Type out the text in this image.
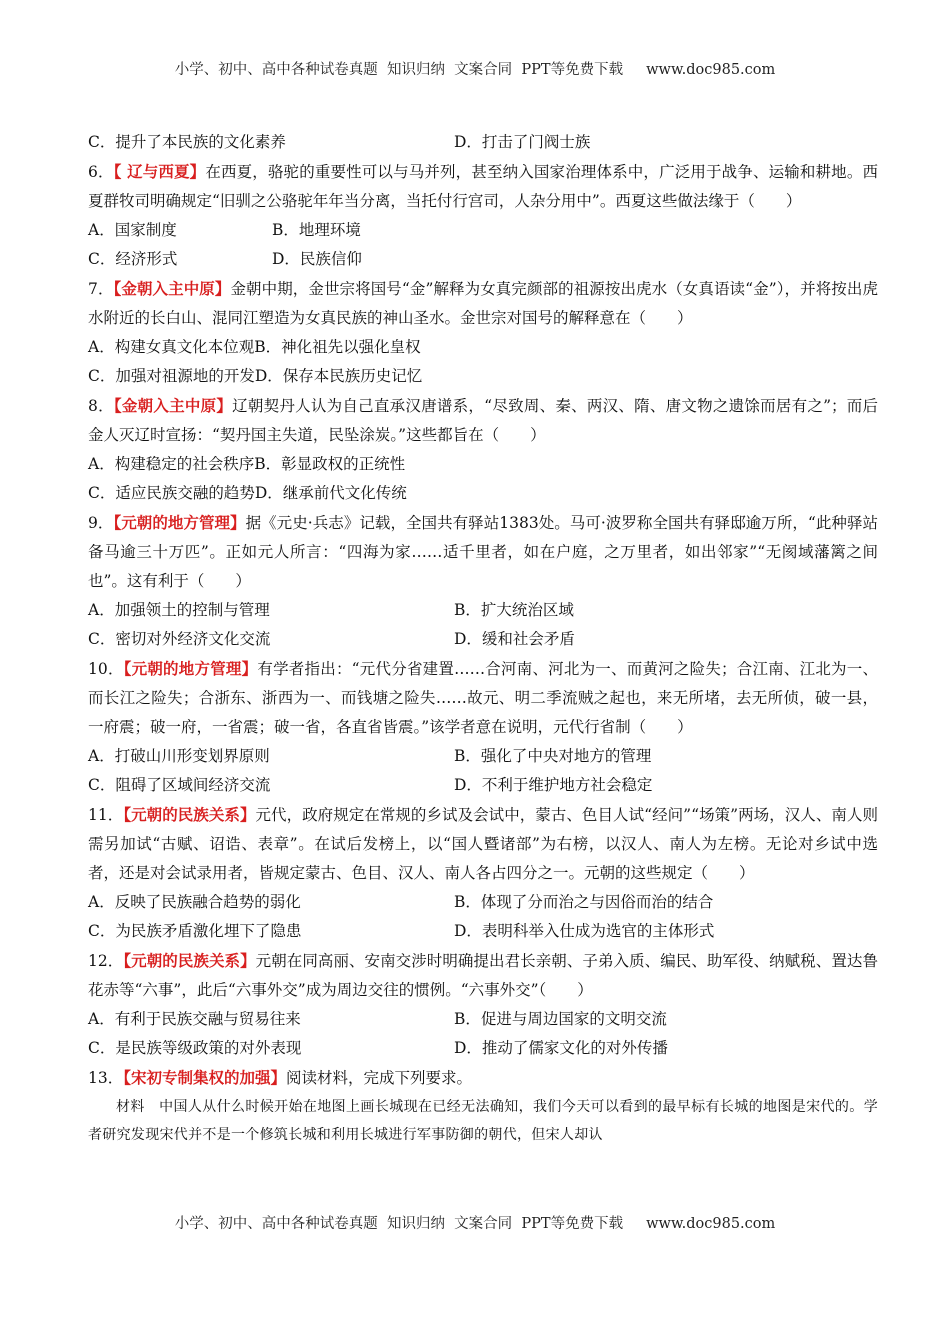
小学、初中、高中各种试卷真题  知识归纳  文案合同  PPT等免费下载     www.doc985.com
C．提升了本民族的文化素养	D．打击了门阀士族
6．【 辽与西夏】在西夏，骆驼的重要性可以与马并列，甚至纳入国家治理体系中，广泛用于战争、运输和耕地。西夏群牧司明确规定“旧驯之公骆驼年年当分离，当托付行宫司，人杂分用中”。西夏这些做法缘于（　　）
A．国家制度	B．地理环境
C．经济形式	D．民族信仰
7．【金朝入主中原】金朝中期，金世宗将国号“金”解释为女真完颜部的祖源按出虎水（女真语读“金”），并将按出虎水附近的长白山、混同江塑造为女真民族的神山圣水。金世宗对国号的解释意在（　　）
A．构建女真文化本位观 B．神化祖先以强化皇权
C．加强对祖源地的开发 D．保存本民族历史记忆
8．【金朝入主中原】辽朝契丹人认为自己直承汉唐谱系，“尽致周、秦、两汉、隋、唐文物之遗馀而居有之”；而后金人灭辽时宣扬：“契丹国主失道，民坠涂炭。”这些都旨在（　　）
A．构建稳定的社会秩序 B．彰显政权的正统性
C．适应民族交融的趋势 D．继承前代文化传统
9．【元朝的地方管理】据《元史·兵志》记载，全国共有驿站1383处。马可·波罗称全国共有驿邸逾万所，“此种驿站备马逾三十万匹”。正如元人所言：“四海为家……适千里者，如在户庭，之万里者，如出邻家”“无阂域藩篱之间也”。这有利于（　　）
A．加强领土的控制与管理	B．扩大统治区域
C．密切对外经济文化交流	D．缓和社会矛盾
10．【元朝的地方管理】有学者指出：“元代分省建置……合河南、河北为一、而黄河之险失；合江南、江北为一、而长江之险失；合浙东、浙西为一、而钱塘之险失……故元、明二季流贼之起也，来无所堵，去无所侦，破一县，一府震；破一府，一省震；破一省，各直省皆震。”该学者意在说明，元代行省制（　　）
A．打破山川形变划界原则	B．强化了中央对地方的管理
C．阻碍了区域间经济交流	D．不利于维护地方社会稳定
11．【元朝的民族关系】元代，政府规定在常规的乡试及会试中，蒙古、色目人试“经问”“场策”两场，汉人、南人则需另加试“古赋、诏诰、表章”。在试后发榜上，以“国人暨诸部”为右榜，以汉人、南人为左榜。无论对乡试中选者，还是对会试录用者，皆规定蒙古、色目、汉人、南人各占四分之一。元朝的这些规定（　　）
A．反映了民族融合趋势的弱化	B．体现了分而治之与因俗而治的结合
C．为民族矛盾激化埋下了隐患	D．表明科举入仕成为选官的主体形式
12．【元朝的民族关系】元朝在同高丽、安南交涉时明确提出君长亲朝、子弟入质、编民、助军役、纳赋税、置达鲁花赤等“六事”，此后“六事外交”成为周边交往的惯例。“六事外交”（　　）
A．有利于民族交融与贸易往来	B．促进与周边国家的文明交流
C．是民族等级政策的对外表现	D．推动了儒家文化的对外传播
13．【宋初专制集权的加强】阅读材料，完成下列要求。
材料　中国人从什么时候开始在地图上画长城现在已经无法确知，我们今天可以看到的最早标有长城的地图是宋代的。学者研究发现宋代并不是一个修筑长城和利用长城进行军事防御的朝代，但宋人却认
小学、初中、高中各种试卷真题  知识归纳  文案合同  PPT等免费下载     www.doc985.com
